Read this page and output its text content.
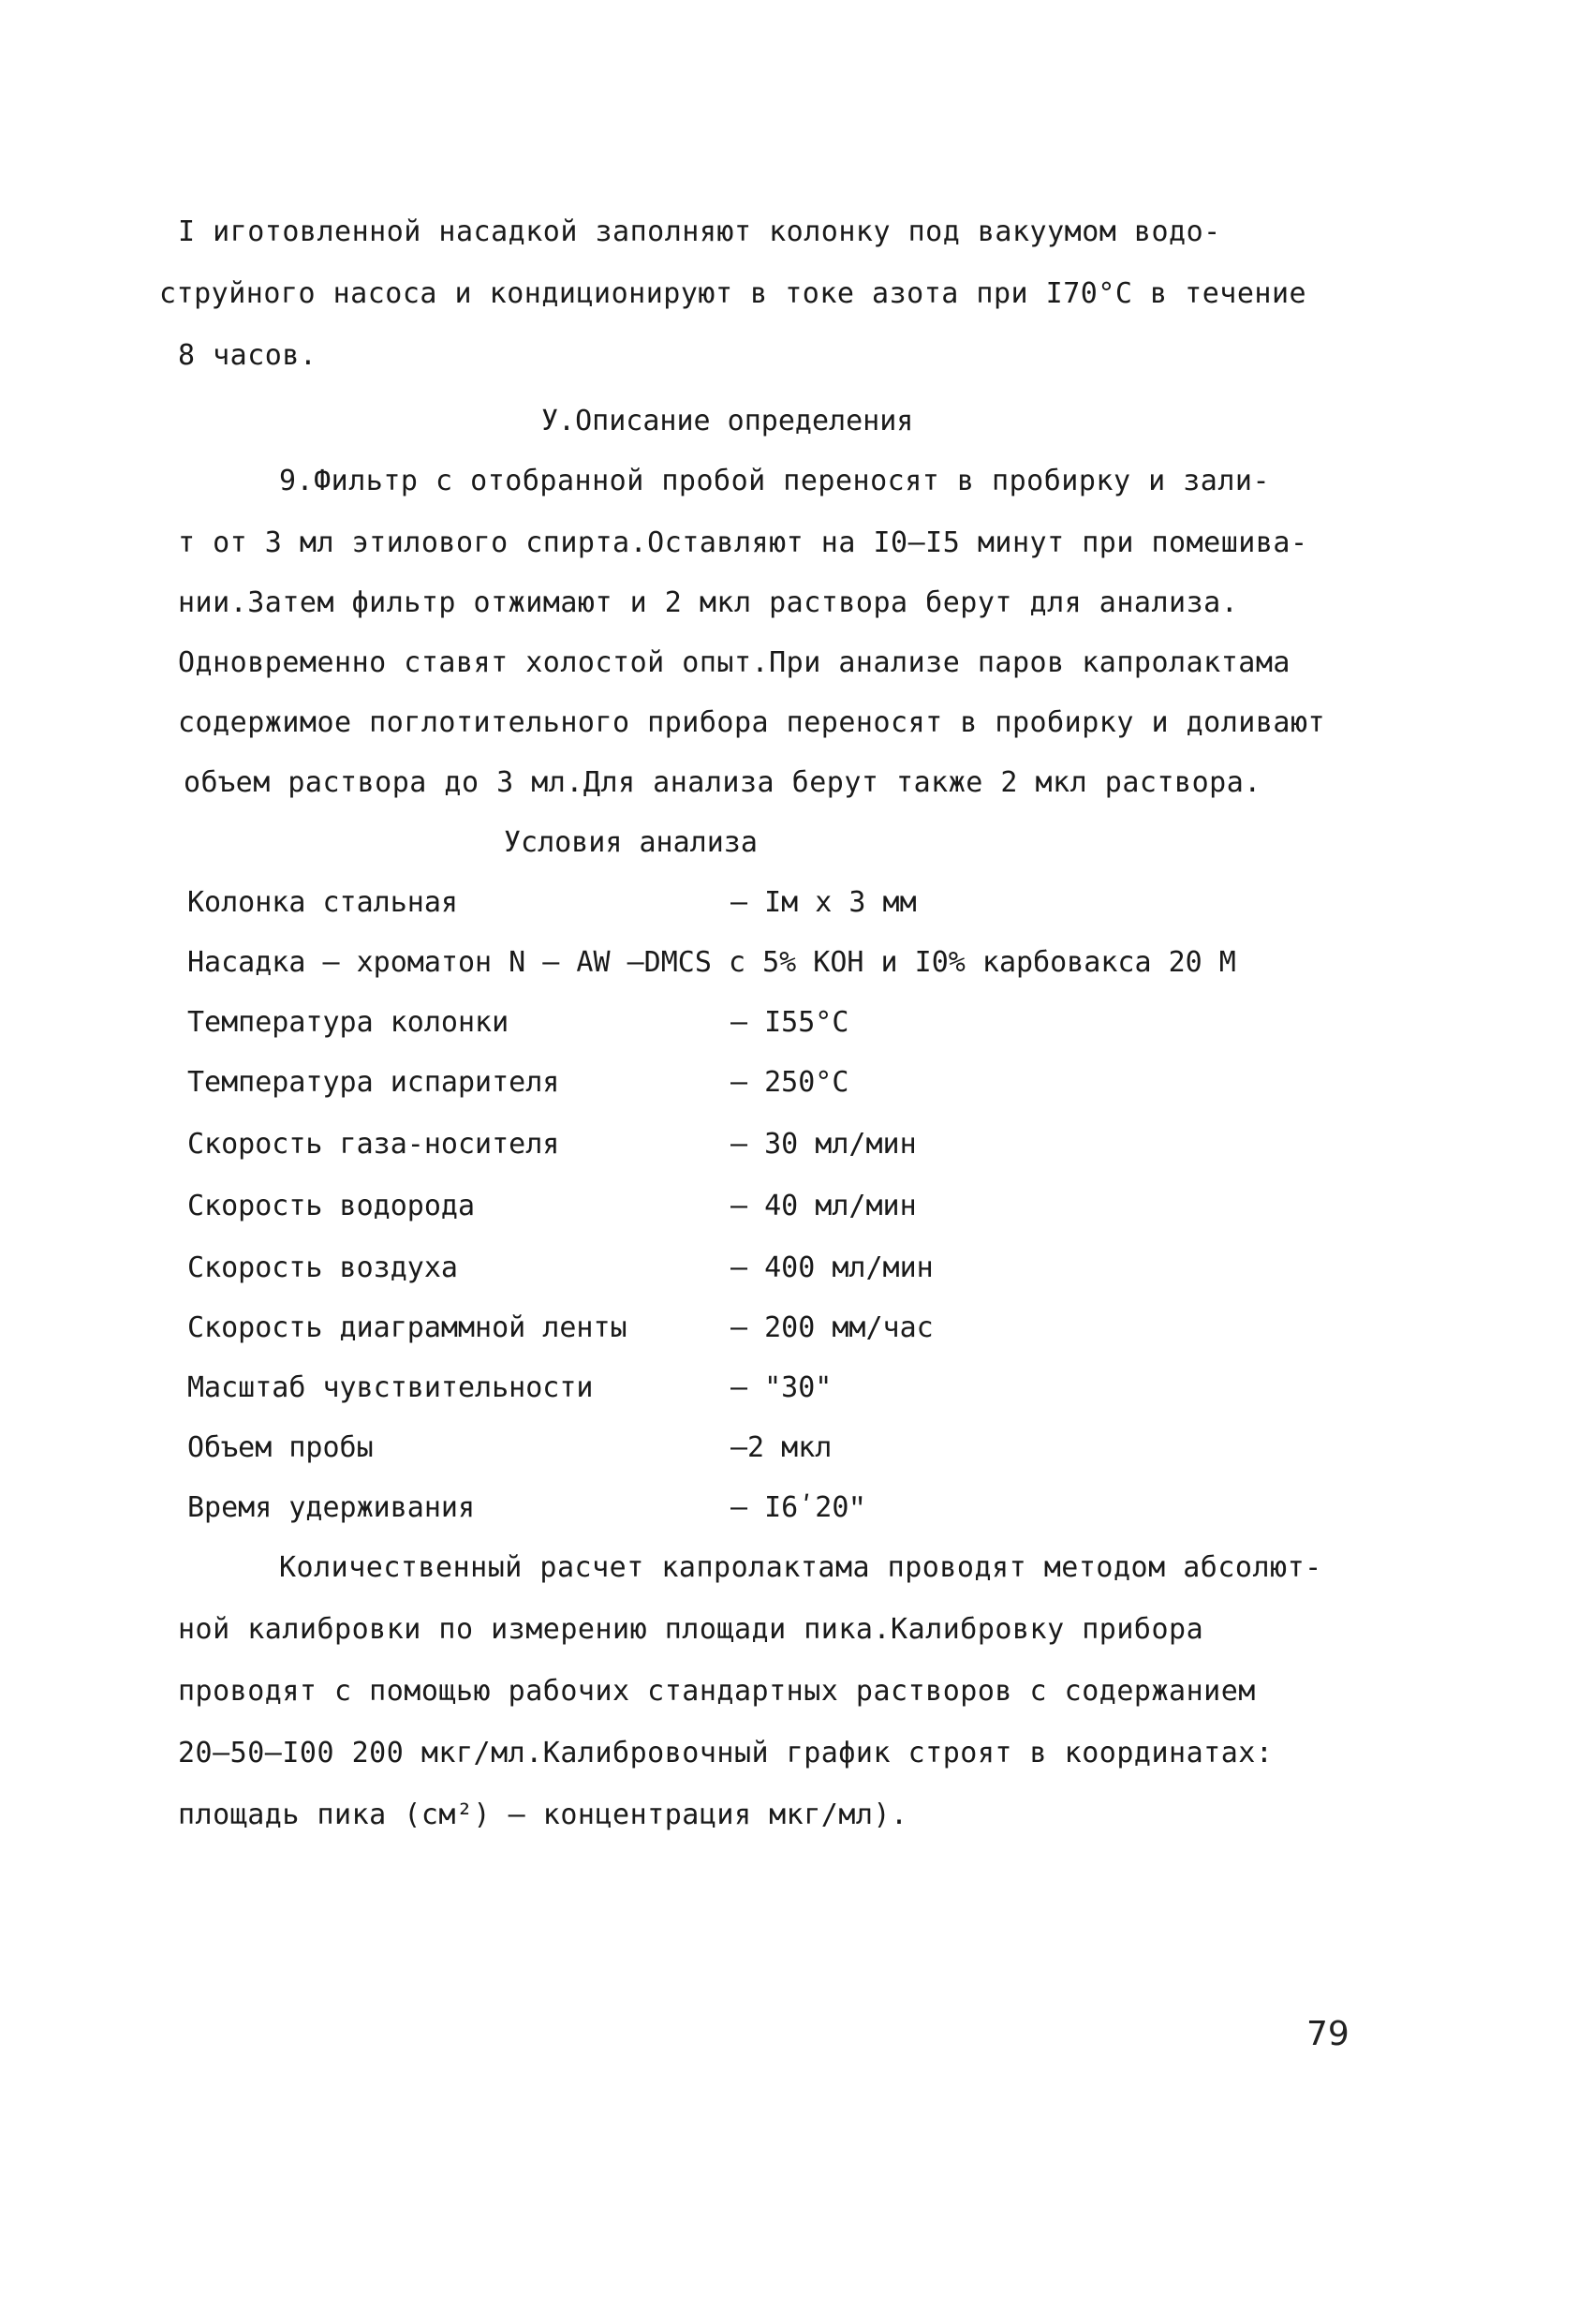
I иготовленной насадкой заполняют колонку под вакуумом водо-
струйного насоса и кондиционируют в токе азота при I70°С в течение
8 часов.
У.Описание определения
9.Фильтр с отобранной пробой переносят в пробирку и зали-
т от 3 мл этилового спирта.Оставляют на I0–I5 минут при помешива-
нии.Затем фильтр отжимают и 2 мкл раствора берут для анализа.
Одновременно ставят холостой опыт.При анализе паров капролактама
содержимое поглотительного прибора переносят в пробирку и доливают
объем раствора до 3 мл.Для анализа берут также 2 мкл раствора.
Условия анализа
Колонка стальная	– Iм х 3 мм
Насадка – хроматон N – AW –DMCS с 5% КОН и I0% карбовакса 20 М
Температура колонки	– I55°С
Температура испарителя	– 250°С
Скорость газа-носителя	– 30 мл/мин
Скорость водорода	– 40 мл/мин
Скорость воздуха	– 400 мл/мин
Скорость диаграммной ленты	– 200 мм/час
Масштаб чувствительности	– "30"
Объем пробы	–2 мкл
Время удерживания	– I6ʹ20ʺ
Количественный расчет капролактама проводят методом абсолют-
ной калибровки по измерению площади пика.Калибровку прибора
проводят с помощью рабочих стандартных растворов с содержанием
20–50–I00 200 мкг/мл.Калибровочный график строят в координатах:
площадь пика (см²) – концентрация мкг/мл).
79
